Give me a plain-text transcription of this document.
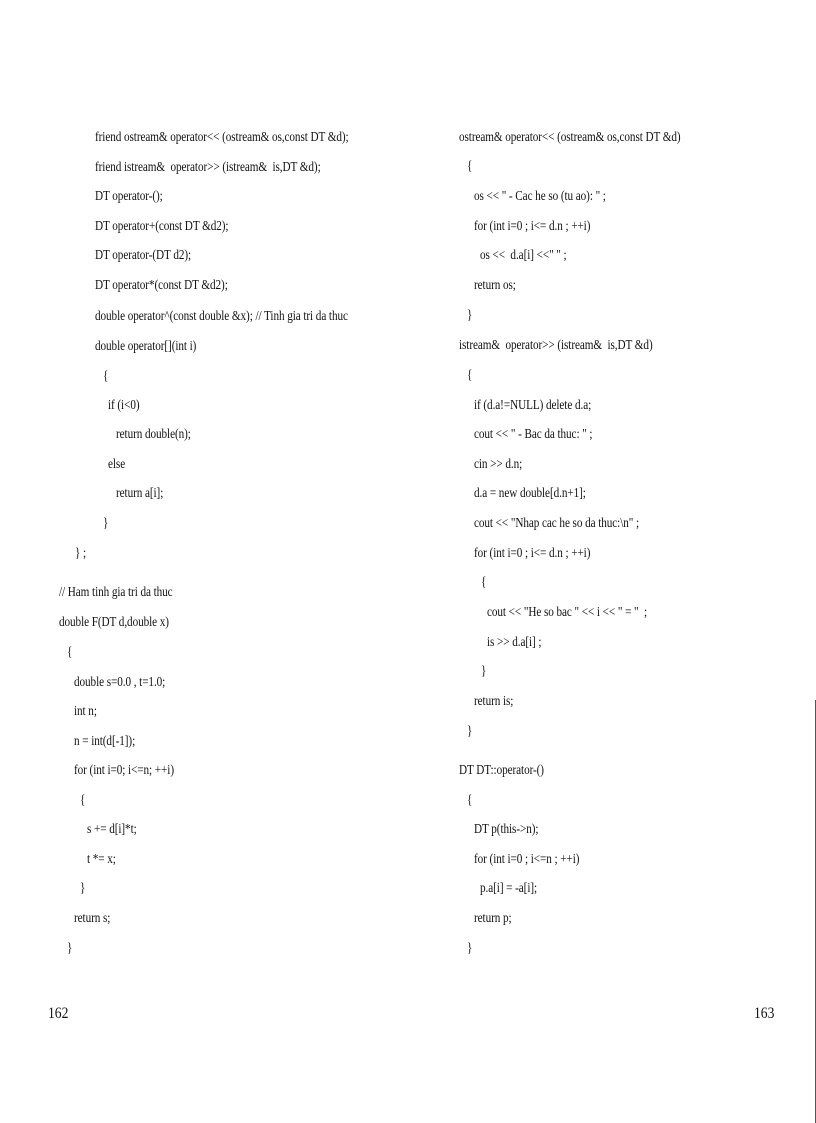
friend ostream& operator<< (ostream& os,const DT &d);
friend istream&  operator>> (istream&  is,DT &d);
DT operator-();
DT operator+(const DT &d2);
DT operator-(DT d2);
DT operator*(const DT &d2);
double operator^(const double &x); // Tinh gia tri da thuc
double operator[](int i)
{
if (i<0)
return double(n);
else
return a[i];
}
} ;
// Ham tinh gia tri da thuc
double F(DT d,double x)
{
double s=0.0 , t=1.0;
int n;
n = int(d[-1]);
for (int i=0; i<=n; ++i)
{
s += d[i]*t;
t *= x;
}
return s;
}
162
ostream& operator<< (ostream& os,const DT &d)
{
os << " - Cac he so (tu ao): " ;
for (int i=0 ; i<= d.n ; ++i)
os <<  d.a[i] <<" " ;
return os;
}
istream&  operator>> (istream&  is,DT &d)
{
if (d.a!=NULL) delete d.a;
cout << " - Bac da thuc: " ;
cin >> d.n;
d.a = new double[d.n+1];
cout << "Nhap cac he so da thuc:\n" ;
for (int i=0 ; i<= d.n ; ++i)
{
cout << "He so bac " << i << " = "  ;
is >> d.a[i] ;
}
return is;
}
DT DT::operator-()
{
DT p(this->n);
for (int i=0 ; i<=n ; ++i)
p.a[i] = -a[i];
return p;
}
163
